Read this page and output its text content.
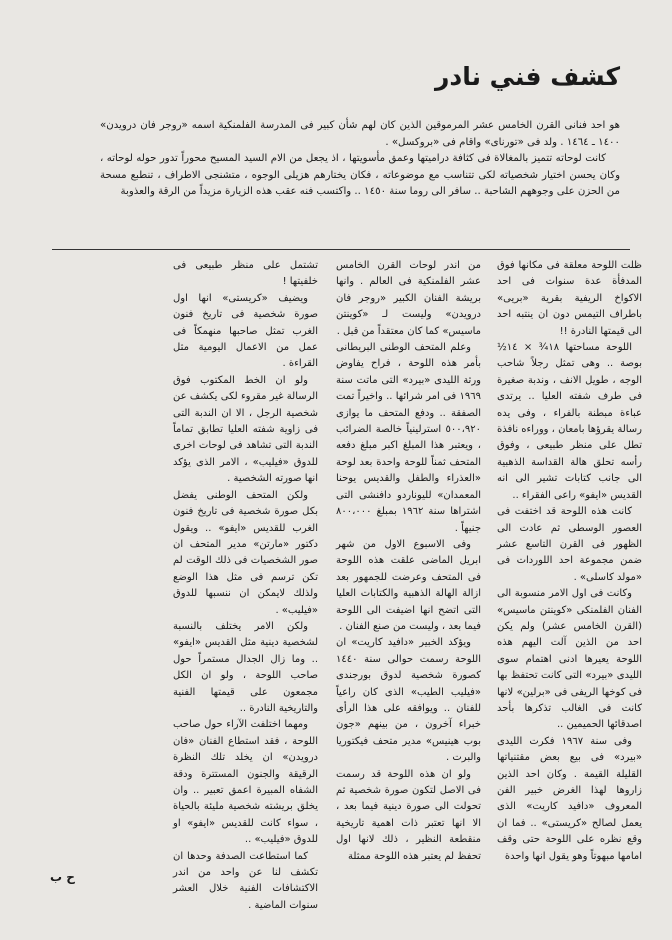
كشف فني نادر

هو احد فنانى القرن الخامس عشر المرموقين الذين كان لهم شأن كبير فى المدرسة الفلمنكية اسمه «روجر فان درويدن» ١٤٠٠ ـ ١٤٦٤ . ولد فى «تورناى» واقام فى «بروكسل» .

كانت لوحاته تتميز بالمغالاة فى كثافة دراميتها وعمق مأسويتها ، اذ يجعل من الام السيد المسيح محوراً تدور حوله لوحاته ، وكان يحسن اختيار شخصياته لكى تتناسب مع موضوعاته ، فكان يختارهم هزيلى الوجوه ، متشنجى الاطراف ، تنطبع مسحة من الحزن على وجوههم الشاحبة .. سافر الى روما سنة ١٤٥٠ .. واكتسب فنه عقب هذه الزيارة مزيداً من الرقة والعذوبة

ظلت اللوحة معلقة فى مكانها فوق المدفأة عدة سنوات فى احد الاكواخ الريفية بقرية «بريى» باطراف التيمس دون ان ينتبه احد الى قيمتها النادرة !!

اللوحة مساحتها ١٨¾ × ١٤½ بوصة .. وهى تمثل رجلاً شاحب الوجه ، طويل الانف ، وندبة صغيرة فى طرف شفته العليا .. يرتدى عباءة مبطنة بالفراء ، وفى يده رسالة يقرؤها بامعان ، ووراءه نافذة تطل على منظر طبيعى ، وفوق رأسه تحلق هالة القداسة الذهبية الى جانب كتابات تشير الى انه القديس «ايفو» راعى الفقراء ..

كانت هذه اللوحة قد اختفت فى العصور الوسطى ثم عادت الى الظهور فى القرن التاسع عشر ضمن مجموعة احد اللوردات فى «مولد كاسلى» .

وكانت فى اول الامر منسوبة الى الفنان الفلمنكى «كوينتن ماسيس» (القرن الخامس عشر) ولم يكن احد من الذين آلت اليهم هذه اللوحة يعيرها ادنى اهتمام سوى الليدى «بيرد» التى كانت تحتفظ بها فى كوخها الريفى فى «برلين» لانها كانت فى الغالب تذكرها بأحد اصدقائها الحميمين ..

وفى سنة ١٩٦٧ فكرت الليدى «بيرد» فى بيع بعض مقتنياتها القليلة القيمة . وكان احد الذين زاروها لهذا الغرض خبير الفن المعروف «دافيد كاريت» الذى يعمل لصالح «كريستى» .. فما ان وقع نظره على اللوحة حتى وقف امامها مبهوتاً وهو يقول انها واحدة

من اندر لوحات القرن الخامس عشر الفلمنكية فى العالم . وانها بريشة الفنان الكبير «روجر فان درويدن» وليست لـ «كوينتن ماسيس» كما كان معتقداً من قبل .

وعلم المتحف الوطنى البريطانى بأمر هذه اللوحة ، فراح يفاوض ورثة الليدى «بيرد» التى ماتت سنة ١٩٦٩ فى امر شرائها .. واخيراً تمت الصفقة .. ودفع المتحف ما يوازى ٥٠٠،٩٢٠ استرلينياً خالصة الضرائب ، ويعتبر هذا المبلغ اكبر مبلغ دفعه المتحف ثمناً للوحة واحدة بعد لوحة «العذراء والطفل والقديس يوحنا المعمدان» لليوناردو دافنشى التى اشتراها سنة ١٩٦٢ بمبلغ ٨٠٠،٠٠٠ جنيهاً .

وفى الاسبوع الاول من شهر ابريل الماضى علقت هذه اللوحة فى المتحف وعرضت للجمهور بعد ازالة الهالة الذهبية والكتابات العليا التى اتضح انها اضيفت الى اللوحة فيما بعد ، وليست من صنع الفنان .

ويؤكد الخبير «دافيد كاريت» ان اللوحة رسمت حوالى سنة ١٤٤٠ كصورة شخصية لدوق بورجندى «فيليب الطيب» الذى كان راعياً للفنان .. ويوافقه على هذا الرأى خبراء آخرون ، من بينهم «جون بوب هينيس» مدير متحف فيكتوريا والبرت .

ولو ان هذه اللوحة قد رسمت فى الاصل لتكون صورة شخصية ثم تحولت الى صورة دينية فيما بعد ، الا انها تعتبر ذات اهمية تاريخية منقطعة النظير ، ذلك لانها اول تحفظ لم يعتبر هذه اللوحة ممثلة

تشتمل على منظر طبيعى فى خلفيتها !

ويضيف «كريستى» انها اول صورة شخصية فى تاريخ فنون الغرب تمثل صاحبها منهمكاً فى عمل من الاعمال اليومية مثل القراءة .

ولو ان الخط المكتوب فوق الرسالة غير مقروء لكى يكشف عن شخصية الرجل ، الا ان الندبة التى فى زاوية شفته العليا تطابق تماماً الندبة التى تشاهد فى لوحات اخرى للدوق «فيليب» ، الامر الذى يؤكد انها صورته الشخصية .

ولكن المتحف الوطنى يفضل بكل صورة شخصية فى تاريخ فنون الغرب للقديس «ايفو» .. ويقول دكتور «مارتن» مدير المتحف ان صور الشخصيات فى ذلك الوقت لم تكن ترسم فى مثل هذا الوضع ولذلك لايمكن ان ننسبها للدوق «فيليب» .

ولكن الامر يختلف بالنسبة لشخصية دينية مثل القديس «ايفو» .. وما زال الجدال مستمراً حول صاحب اللوحة ، ولو ان الكل مجمعون على قيمتها الفنية والتاريخية النادرة ..

ومهما اختلفت الآراء حول صاحب اللوحة ، فقد استطاع الفنان «فان درويدن» ان يخلد تلك النظرة الرقيقة والجنون المستترة ودقة الشفاه المبيرة اعمق تعبير .. وان يخلق بريشته شخصية مليئة بالحياة ، سواء كانت للقديس «ايفو» او للدوق «فيليب» ..

كما استطاعت الصدفة وحدها ان تكشف لنا عن واحد من اندر الاكتشافات الفنية خلال العشر سنوات الماضية .

ح ب
